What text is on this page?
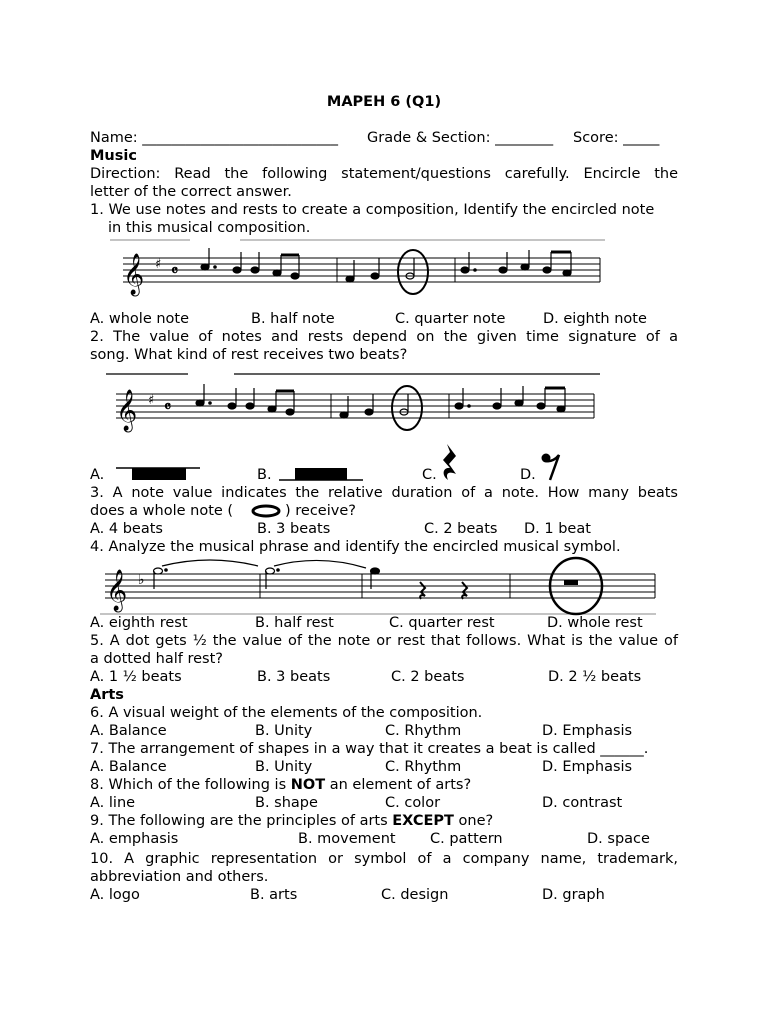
MAPEH 6 (Q1)
Name: ___________________________ Grade & Section: ________ Score: _____
Music
Direction: Read the following statement/questions carefully. Encircle the
letter of the correct answer.
1. We use notes and rests to create a composition, Identify the encircled note
in this musical composition.
𝄞 ♯ 𝄴
A. whole note	B. half note	C. quarter note	D. eighth note
2. The value of notes and rests depend on the given time signature of a
song. What kind of rest receives two beats?
𝄞 ♯ 𝄴
A.	B.	C.	D.
3. A note value indicates the relative duration of a note. How many beats
does a whole note (	) receive?
A. 4 beats	B. 3 beats	C. 2 beats D. 1 beat
4. Analyze the musical phrase and identify the encircled musical symbol.
𝄞 ♭
A. eighth rest	B. half rest	C. quarter rest	D. whole rest
5. A dot gets ½ the value of the note or rest that follows. What is the value of
a dotted half rest?
A. 1 ½ beats	B. 3 beats	C. 2 beats	D. 2 ½ beats
Arts
6. A visual weight of the elements of the composition.
A. Balance	B. Unity	C. Rhythm	D. Emphasis
7. The arrangement of shapes in a way that it creates a beat is called ______.
A. Balance	B. Unity	C. Rhythm	D. Emphasis
8. Which of the following is NOT an element of arts?
A. line	B. shape	C. color	D. contrast
9. The following are the principles of arts EXCEPT one?
A. emphasis	B. movement C. pattern	D. space
10. A graphic representation or symbol of a company name, trademark,
abbreviation and others.
A. logo	B. arts	C. design	D. graph
